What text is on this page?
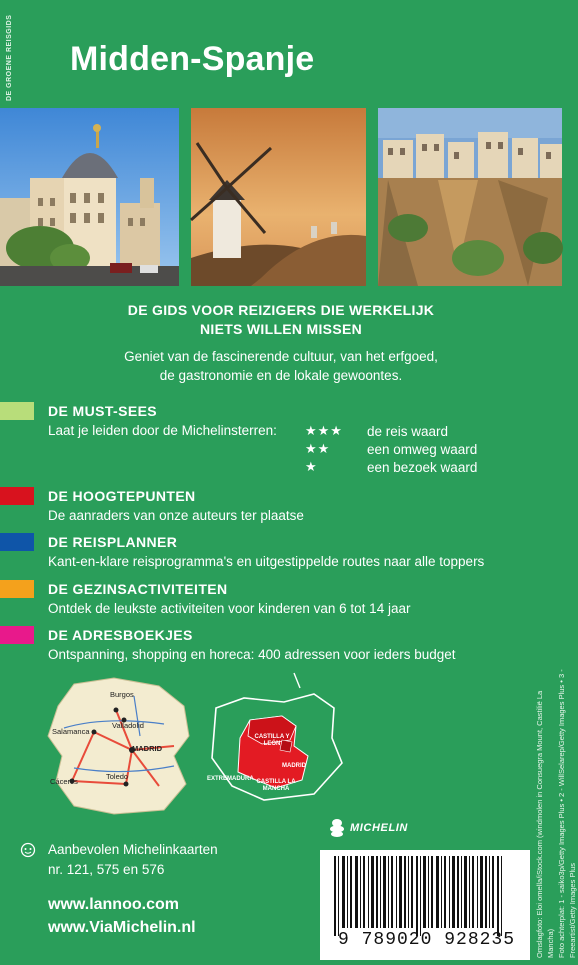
DE GROENE REISGIDS Midden-Spanje
DE GIDS VOOR REIZIGERS DIE WERKELIJK
NIETS WILLEN MISSEN
Geniet van de fascinerende cultuur, van het erfgoed,
de gastronomie en de lokale gewoontes.
DE MUST-SEES
Laat je leiden door de Michelinsterren: ★★★ de reis waard
★★	een omweg waard
★	een bezoek waard
DE HOOGTEPUNTEN
De aanraders van onze auteurs ter plaatse
DE REISPLANNER
Kant-en-klare reisprogramma's en uitgestippelde routes naar alle toppers
DE GEZINSACTIVITEITEN
Ontdek de leukste activiteiten voor kinderen van 6 tot 14 jaar
DE ADRESBOEKJES
Ontspanning, shopping en horeca: 400 adressen voor ieders budget
Burgos
Valladolid
Salamanca
MADRID
Toledo
Cáceres
CASTILLA Y LEÓN
MADRID
EXTREMADURA CASTILLA LA MANCHA
MICHELIN
Aanbevolen Michelinkaarten
nr. 121, 575 en 576
www.lannoo.com
www.ViaMichelin.nl
9 789020 928235	Omslagfoto: Eloi omella/iStock.com (windmolen in Consuegra Mount, Castilië La Mancha) Foto achterplat: 1 - saiko3p/Getty Images Plus • 2 - WillSelarep/Getty Images Plus • 3 - Freeartist/Getty Images Plus
